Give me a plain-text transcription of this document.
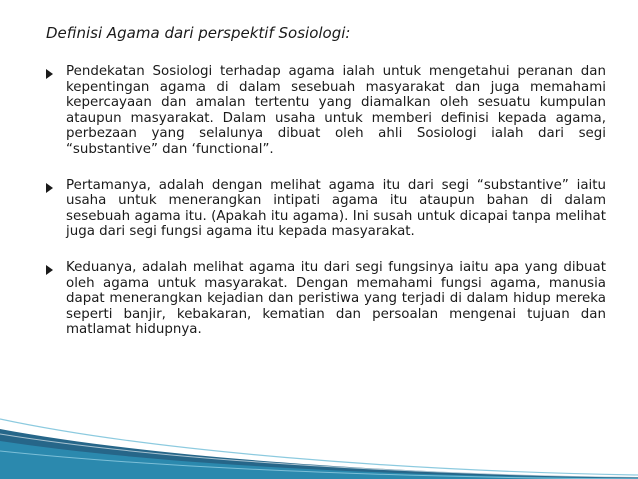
Definisi Agama dari perspektif Sosiologi:
Pendekatan Sosiologi terhadap agama ialah untuk mengetahui peranan dan kepentingan agama di dalam sesebuah masyarakat dan juga memahami kepercayaan dan amalan tertentu yang diamalkan oleh sesuatu kumpulan ataupun masyarakat. Dalam usaha untuk memberi definisi kepada agama, perbezaan yang selalunya dibuat oleh ahli Sosiologi ialah dari segi “substantive” dan ‘functional”.
Pertamanya, adalah dengan melihat agama itu dari segi “substantive” iaitu usaha untuk menerangkan intipati agama itu ataupun bahan di dalam sesebuah agama itu. (Apakah itu agama). Ini susah untuk dicapai tanpa melihat juga dari segi fungsi agama itu kepada masyarakat.
Keduanya, adalah melihat agama itu dari segi fungsinya iaitu apa yang dibuat oleh agama untuk masyarakat. Dengan memahami fungsi agama, manusia dapat menerangkan kejadian dan peristiwa yang terjadi di dalam hidup mereka seperti banjir, kebakaran, kematian dan persoalan mengenai tujuan dan matlamat hidupnya.
